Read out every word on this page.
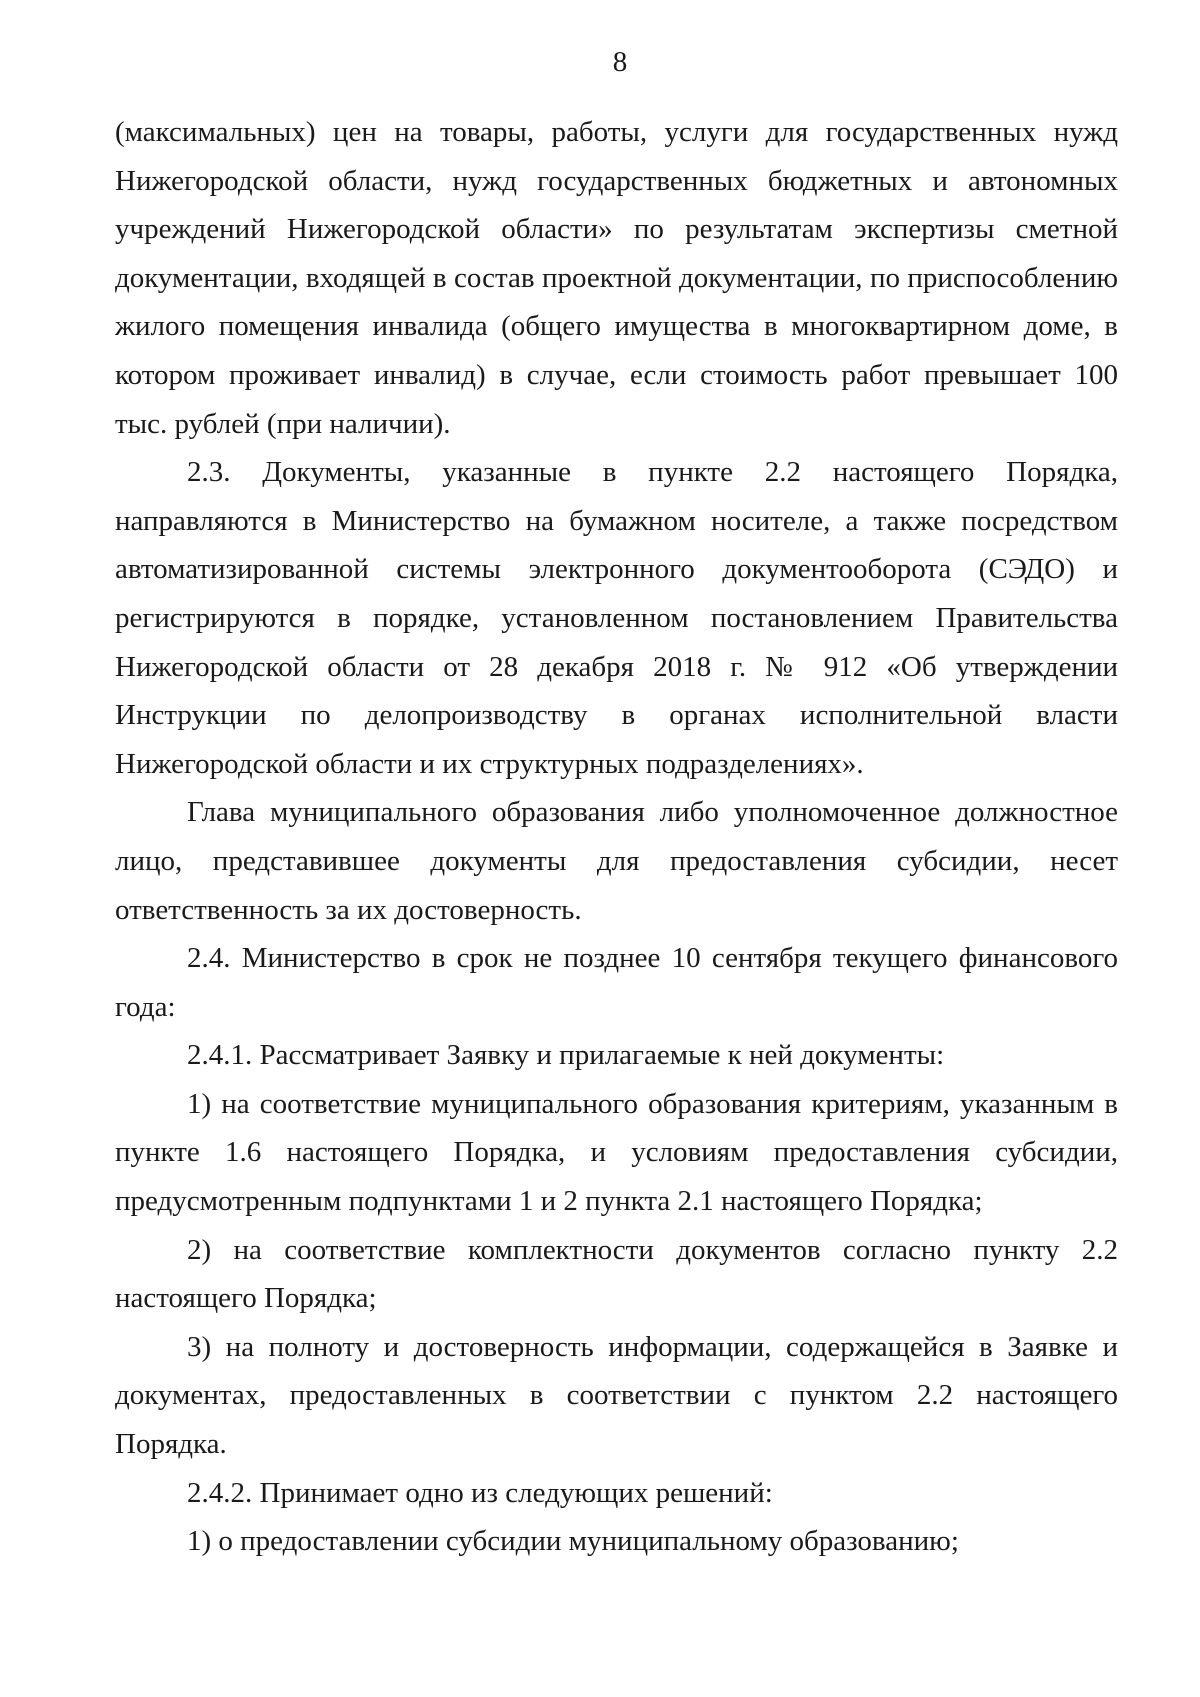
8

(максимальных) цен на товары, работы, услуги для государственных нужд Нижегородской области, нужд государственных бюджетных и автономных учреждений Нижегородской области» по результатам экспертизы сметной документации, входящей в состав проектной документации, по приспособлению жилого помещения инвалида (общего имущества в многоквартирном доме, в котором проживает инвалид) в случае, если стоимость работ превышает 100 тыс. рублей (при наличии).

2.3. Документы, указанные в пункте 2.2 настоящего Порядка, направляются в Министерство на бумажном носителе, а также посредством автоматизированной системы электронного документооборота (СЭДО) и регистрируются в порядке, установленном постановлением Правительства Нижегородской области от 28 декабря 2018 г. № 912 «Об утверждении Инструкции по делопроизводству в органах исполнительной власти Нижегородской области и их структурных подразделениях».

Глава муниципального образования либо уполномоченное должностное лицо, представившее документы для предоставления субсидии, несет ответственность за их достоверность.

2.4. Министерство в срок не позднее 10 сентября текущего финансового года:

2.4.1. Рассматривает Заявку и прилагаемые к ней документы:

1) на соответствие муниципального образования критериям, указанным в пункте 1.6 настоящего Порядка, и условиям предоставления субсидии, предусмотренным подпунктами 1 и 2 пункта 2.1 настоящего Порядка;

2) на соответствие комплектности документов согласно пункту 2.2 настоящего Порядка;

3) на полноту и достоверность информации, содержащейся в Заявке и документах, предоставленных в соответствии с пунктом 2.2 настоящего Порядка.

2.4.2. Принимает одно из следующих решений:

1) о предоставлении субсидии муниципальному образованию;
